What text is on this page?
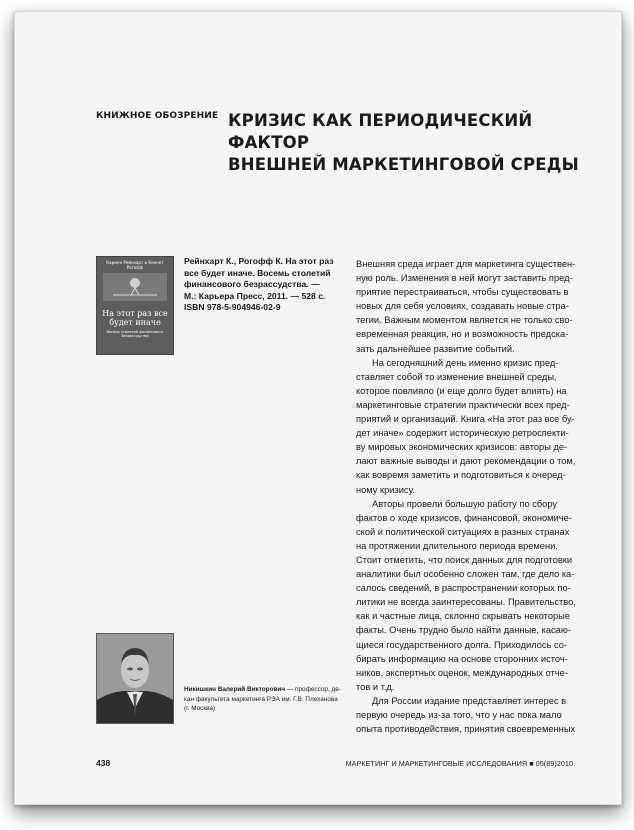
КНИЖНОЕ ОБОЗРЕНИЕ КРИЗИС КАК ПЕРИОДИЧЕСКИЙ ФАКТОР
ВНЕШНЕЙ МАРКЕТИНГОВОЙ СРЕДЫ
Кармен Рейнхарт и Кеннет Рогофф
На этот раз все будет иначе
Восемь столетий финансового безрассудства
Рейнхарт К., Рогофф К. На этот раз
все будет иначе. Восемь столетий
финансового безрассудства. —
М.: Карьера Пресс, 2011. — 528 с.
ISBN 978-5-904946-02-9
Никишкин Валерий Викторович — профессор, де-
кан факультета маркетинга РЭА им. Г.В. Плеханова
(г. Москва)
Внешняя среда играет для маркетинга существен-
ную роль. Изменения в ней могут заставить пред-
приятие перестраиваться, чтобы существовать в
новых для себя условиях, создавать новые стра-
тегии. Важным моментом является не только сво-
евременная реакция, но и возможность предска-
зать дальнейшее развитие событий.
На сегодняшний день именно кризис пред-
ставляет собой то изменение внешней среды,
которое повлияло (и еще долго будет влиять) на
маркетинговые стратегии практически всех пред-
приятий и организаций. Книга «На этот раз все бу-
дет иначе» содержит историческую ретроспекти-
ву мировых экономических кризисов: авторы де-
лают важные выводы и дают рекомендации о том,
как вовремя заметить и подготовиться к очеред-
ному кризису.
Авторы провели большую работу по сбору
фактов о ходе кризисов, финансовой, экономиче-
ской и политической ситуациях в разных странах
на протяжении длительного периода времени.
Стоит отметить, что поиск данных для подготовки
аналитики был особенно сложен там, где дело ка-
салось сведений, в распространении которых по-
литики не всегда заинтересованы. Правительство,
как и частные лица, склонно скрывать некоторые
факты. Очень трудно было найти данные, касаю-
щиеся государственного долга. Приходилось со-
бирать информацию на основе сторонних источ-
ников, экспертных оценок, международных отче-
тов и т.д.
Для России издание представляет интерес в
первую очередь из-за того, что у нас пока мало
опыта противодействия, принятия своевременных
438	МАРКЕТИНГ И МАРКЕТИНГОВЫЕ ИССЛЕДОВАНИЯ ■ 05(89)2010
